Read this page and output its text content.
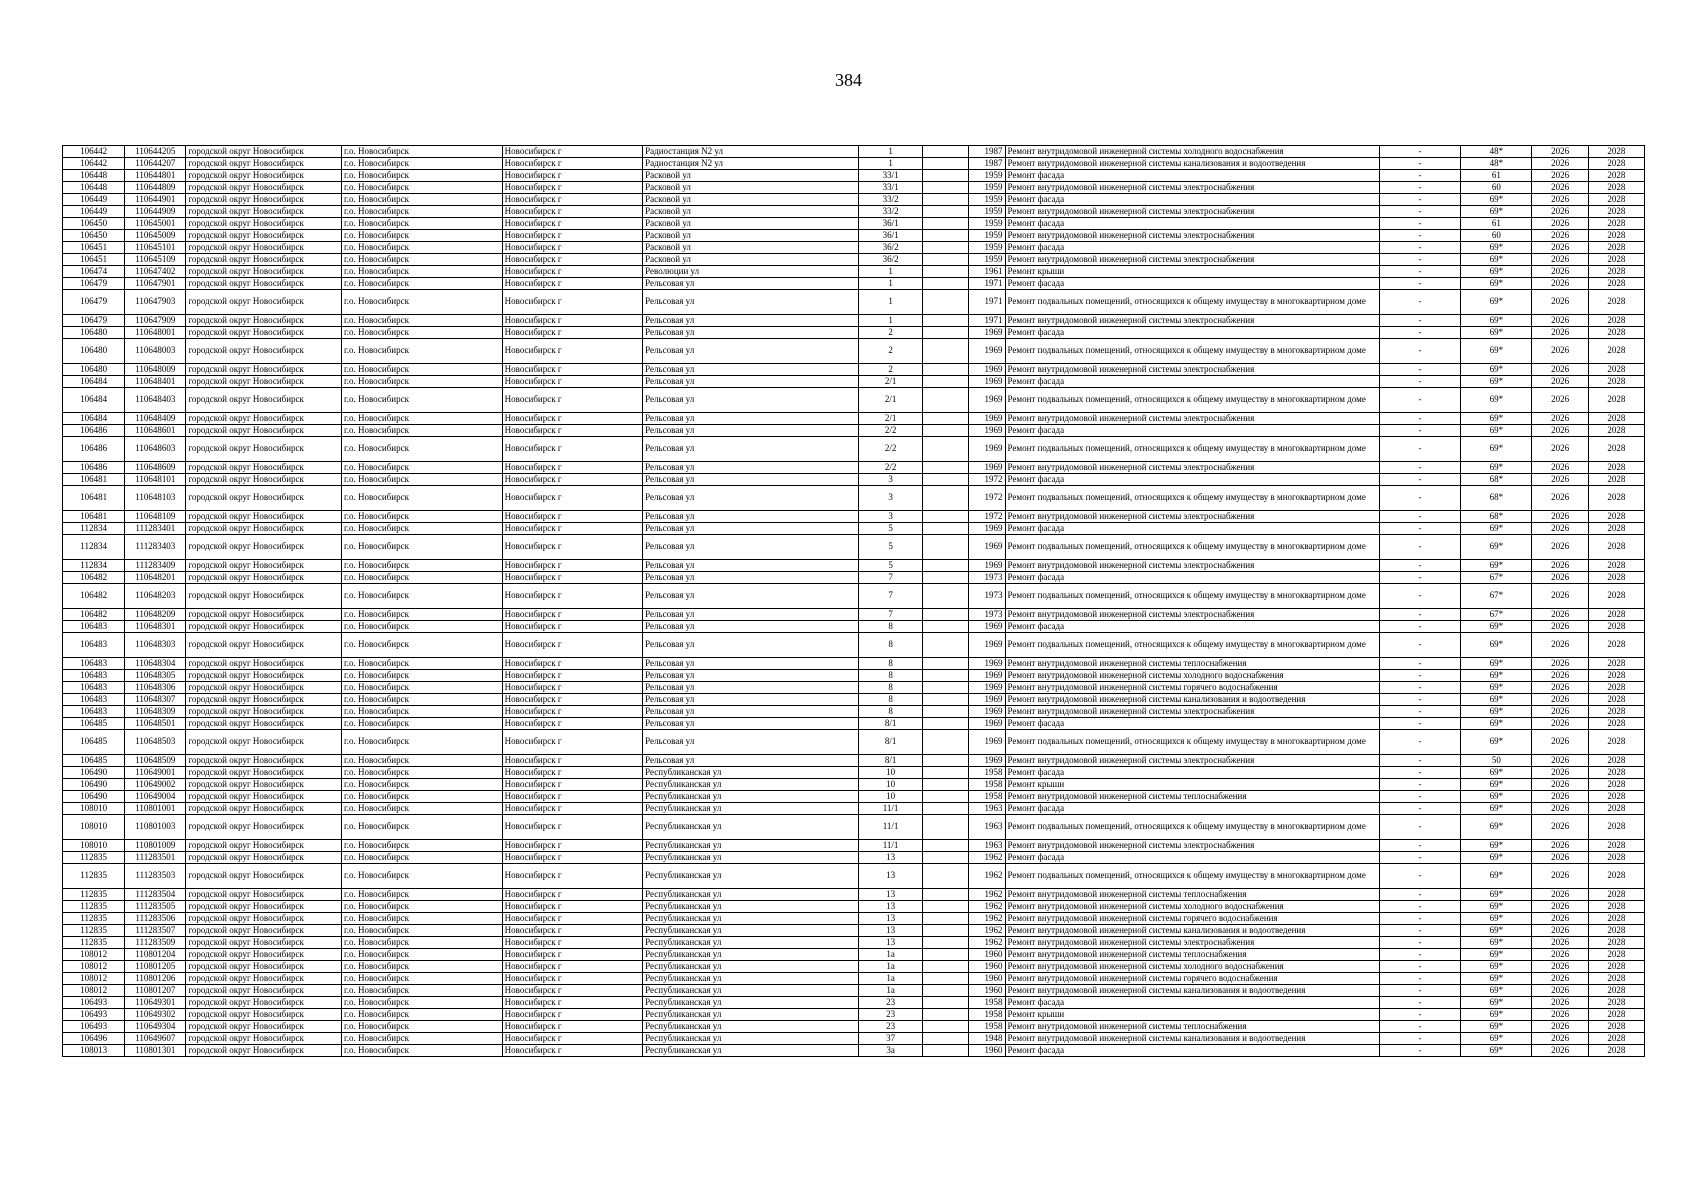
384
106442	110644205	городской округ Новосибирск	г.о. Новосибирск	Новосибирск г	Радиостанция N2 ул	1		1987	Ремонт внутридомовой инженерной системы холодного водоснабжения	-	48*	2026	2028
106442	110644207	городской округ Новосибирск	г.о. Новосибирск	Новосибирск г	Радиостанция N2 ул	1		1987	Ремонт внутридомовой инженерной системы канализования и водоотведения	-	48*	2026	2028
106448	110644801	городской округ Новосибирск	г.о. Новосибирск	Новосибирск г	Расковой ул	33/1		1959	Ремонт фасада	-	61	2026	2028
106448	110644809	городской округ Новосибирск	г.о. Новосибирск	Новосибирск г	Расковой ул	33/1		1959	Ремонт внутридомовой инженерной системы электроснабжения	-	60	2026	2028
106449	110644901	городской округ Новосибирск	г.о. Новосибирск	Новосибирск г	Расковой ул	33/2		1959	Ремонт фасада	-	69*	2026	2028
106449	110644909	городской округ Новосибирск	г.о. Новосибирск	Новосибирск г	Расковой ул	33/2		1959	Ремонт внутридомовой инженерной системы электроснабжения	-	69*	2026	2028
106450	110645001	городской округ Новосибирск	г.о. Новосибирск	Новосибирск г	Расковой ул	36/1		1959	Ремонт фасада	-	61	2026	2028
106450	110645009	городской округ Новосибирск	г.о. Новосибирск	Новосибирск г	Расковой ул	36/1		1959	Ремонт внутридомовой инженерной системы электроснабжения	-	60	2026	2028
106451	110645101	городской округ Новосибирск	г.о. Новосибирск	Новосибирск г	Расковой ул	36/2		1959	Ремонт фасада	-	69*	2026	2028
106451	110645109	городской округ Новосибирск	г.о. Новосибирск	Новосибирск г	Расковой ул	36/2		1959	Ремонт внутридомовой инженерной системы электроснабжения	-	69*	2026	2028
106474	110647402	городской округ Новосибирск	г.о. Новосибирск	Новосибирск г	Революции ул	1		1961	Ремонт крыши	-	69*	2026	2028
106479	110647901	городской округ Новосибирск	г.о. Новосибирск	Новосибирск г	Рельсовая ул	1		1971	Ремонт фасада	-	69*	2026	2028
106479	110647903	городской округ Новосибирск	г.о. Новосибирск	Новосибирск г	Рельсовая ул	1		1971	Ремонт подвальных помещений, относящихся к общему имуществу в многоквартирном доме	-	69*	2026	2028
106479	110647909	городской округ Новосибирск	г.о. Новосибирск	Новосибирск г	Рельсовая ул	1		1971	Ремонт внутридомовой инженерной системы электроснабжения	-	69*	2026	2028
106480	110648001	городской округ Новосибирск	г.о. Новосибирск	Новосибирск г	Рельсовая ул	2		1969	Ремонт фасада	-	69*	2026	2028
106480	110648003	городской округ Новосибирск	г.о. Новосибирск	Новосибирск г	Рельсовая ул	2		1969	Ремонт подвальных помещений, относящихся к общему имуществу в многоквартирном доме	-	69*	2026	2028
106480	110648009	городской округ Новосибирск	г.о. Новосибирск	Новосибирск г	Рельсовая ул	2		1969	Ремонт внутридомовой инженерной системы электроснабжения	-	69*	2026	2028
106484	110648401	городской округ Новосибирск	г.о. Новосибирск	Новосибирск г	Рельсовая ул	2/1		1969	Ремонт фасада	-	69*	2026	2028
106484	110648403	городской округ Новосибирск	г.о. Новосибирск	Новосибирск г	Рельсовая ул	2/1		1969	Ремонт подвальных помещений, относящихся к общему имуществу в многоквартирном доме	-	69*	2026	2028
106484	110648409	городской округ Новосибирск	г.о. Новосибирск	Новосибирск г	Рельсовая ул	2/1		1969	Ремонт внутридомовой инженерной системы электроснабжения	-	69*	2026	2028
106486	110648601	городской округ Новосибирск	г.о. Новосибирск	Новосибирск г	Рельсовая ул	2/2		1969	Ремонт фасада	-	69*	2026	2028
106486	110648603	городской округ Новосибирск	г.о. Новосибирск	Новосибирск г	Рельсовая ул	2/2		1969	Ремонт подвальных помещений, относящихся к общему имуществу в многоквартирном доме	-	69*	2026	2028
106486	110648609	городской округ Новосибирск	г.о. Новосибирск	Новосибирск г	Рельсовая ул	2/2		1969	Ремонт внутридомовой инженерной системы электроснабжения	-	69*	2026	2028
106481	110648101	городской округ Новосибирск	г.о. Новосибирск	Новосибирск г	Рельсовая ул	3		1972	Ремонт фасада	-	68*	2026	2028
106481	110648103	городской округ Новосибирск	г.о. Новосибирск	Новосибирск г	Рельсовая ул	3		1972	Ремонт подвальных помещений, относящихся к общему имуществу в многоквартирном доме	-	68*	2026	2028
106481	110648109	городской округ Новосибирск	г.о. Новосибирск	Новосибирск г	Рельсовая ул	3		1972	Ремонт внутридомовой инженерной системы электроснабжения	-	68*	2026	2028
112834	111283401	городской округ Новосибирск	г.о. Новосибирск	Новосибирск г	Рельсовая ул	5		1969	Ремонт фасада	-	69*	2026	2028
112834	111283403	городской округ Новосибирск	г.о. Новосибирск	Новосибирск г	Рельсовая ул	5		1969	Ремонт подвальных помещений, относящихся к общему имуществу в многоквартирном доме	-	69*	2026	2028
112834	111283409	городской округ Новосибирск	г.о. Новосибирск	Новосибирск г	Рельсовая ул	5		1969	Ремонт внутридомовой инженерной системы электроснабжения	-	69*	2026	2028
106482	110648201	городской округ Новосибирск	г.о. Новосибирск	Новосибирск г	Рельсовая ул	7		1973	Ремонт фасада	-	67*	2026	2028
106482	110648203	городской округ Новосибирск	г.о. Новосибирск	Новосибирск г	Рельсовая ул	7		1973	Ремонт подвальных помещений, относящихся к общему имуществу в многоквартирном доме	-	67*	2026	2028
106482	110648209	городской округ Новосибирск	г.о. Новосибирск	Новосибирск г	Рельсовая ул	7		1973	Ремонт внутридомовой инженерной системы электроснабжения	-	67*	2026	2028
106483	110648301	городской округ Новосибирск	г.о. Новосибирск	Новосибирск г	Рельсовая ул	8		1969	Ремонт фасада	-	69*	2026	2028
106483	110648303	городской округ Новосибирск	г.о. Новосибирск	Новосибирск г	Рельсовая ул	8		1969	Ремонт подвальных помещений, относящихся к общему имуществу в многоквартирном доме	-	69*	2026	2028
106483	110648304	городской округ Новосибирск	г.о. Новосибирск	Новосибирск г	Рельсовая ул	8		1969	Ремонт внутридомовой инженерной системы теплоснабжения	-	69*	2026	2028
106483	110648305	городской округ Новосибирск	г.о. Новосибирск	Новосибирск г	Рельсовая ул	8		1969	Ремонт внутридомовой инженерной системы холодного водоснабжения	-	69*	2026	2028
106483	110648306	городской округ Новосибирск	г.о. Новосибирск	Новосибирск г	Рельсовая ул	8		1969	Ремонт внутридомовой инженерной системы горячего водоснабжения	-	69*	2026	2028
106483	110648307	городской округ Новосибирск	г.о. Новосибирск	Новосибирск г	Рельсовая ул	8		1969	Ремонт внутридомовой инженерной системы канализования и водоотведения	-	69*	2026	2028
106483	110648309	городской округ Новосибирск	г.о. Новосибирск	Новосибирск г	Рельсовая ул	8		1969	Ремонт внутридомовой инженерной системы электроснабжения	-	69*	2026	2028
106485	110648501	городской округ Новосибирск	г.о. Новосибирск	Новосибирск г	Рельсовая ул	8/1		1969	Ремонт фасада	-	69*	2026	2028
106485	110648503	городской округ Новосибирск	г.о. Новосибирск	Новосибирск г	Рельсовая ул	8/1		1969	Ремонт подвальных помещений, относящихся к общему имуществу в многоквартирном доме	-	69*	2026	2028
106485	110648509	городской округ Новосибирск	г.о. Новосибирск	Новосибирск г	Рельсовая ул	8/1		1969	Ремонт внутридомовой инженерной системы электроснабжения	-	50	2026	2028
106490	110649001	городской округ Новосибирск	г.о. Новосибирск	Новосибирск г	Республиканская ул	10		1958	Ремонт фасада	-	69*	2026	2028
106490	110649002	городской округ Новосибирск	г.о. Новосибирск	Новосибирск г	Республиканская ул	10		1958	Ремонт крыши	-	69*	2026	2028
106490	110649004	городской округ Новосибирск	г.о. Новосибирск	Новосибирск г	Республиканская ул	10		1958	Ремонт внутридомовой инженерной системы теплоснабжения	-	69*	2026	2028
108010	110801001	городской округ Новосибирск	г.о. Новосибирск	Новосибирск г	Республиканская ул	11/1		1963	Ремонт фасада	-	69*	2026	2028
108010	110801003	городской округ Новосибирск	г.о. Новосибирск	Новосибирск г	Республиканская ул	11/1		1963	Ремонт подвальных помещений, относящихся к общему имуществу в многоквартирном доме	-	69*	2026	2028
108010	110801009	городской округ Новосибирск	г.о. Новосибирск	Новосибирск г	Республиканская ул	11/1		1963	Ремонт внутридомовой инженерной системы электроснабжения	-	69*	2026	2028
112835	111283501	городской округ Новосибирск	г.о. Новосибирск	Новосибирск г	Республиканская ул	13		1962	Ремонт фасада	-	69*	2026	2028
112835	111283503	городской округ Новосибирск	г.о. Новосибирск	Новосибирск г	Республиканская ул	13		1962	Ремонт подвальных помещений, относящихся к общему имуществу в многоквартирном доме	-	69*	2026	2028
112835	111283504	городской округ Новосибирск	г.о. Новосибирск	Новосибирск г	Республиканская ул	13		1962	Ремонт внутридомовой инженерной системы теплоснабжения	-	69*	2026	2028
112835	111283505	городской округ Новосибирск	г.о. Новосибирск	Новосибирск г	Республиканская ул	13		1962	Ремонт внутридомовой инженерной системы холодного водоснабжения	-	69*	2026	2028
112835	111283506	городской округ Новосибирск	г.о. Новосибирск	Новосибирск г	Республиканская ул	13		1962	Ремонт внутридомовой инженерной системы горячего водоснабжения	-	69*	2026	2028
112835	111283507	городской округ Новосибирск	г.о. Новосибирск	Новосибирск г	Республиканская ул	13		1962	Ремонт внутридомовой инженерной системы канализования и водоотведения	-	69*	2026	2028
112835	111283509	городской округ Новосибирск	г.о. Новосибирск	Новосибирск г	Республиканская ул	13		1962	Ремонт внутридомовой инженерной системы электроснабжения	-	69*	2026	2028
108012	110801204	городской округ Новосибирск	г.о. Новосибирск	Новосибирск г	Республиканская ул	1а		1960	Ремонт внутридомовой инженерной системы теплоснабжения	-	69*	2026	2028
108012	110801205	городской округ Новосибирск	г.о. Новосибирск	Новосибирск г	Республиканская ул	1а		1960	Ремонт внутридомовой инженерной системы холодного водоснабжения	-	69*	2026	2028
108012	110801206	городской округ Новосибирск	г.о. Новосибирск	Новосибирск г	Республиканская ул	1а		1960	Ремонт внутридомовой инженерной системы горячего водоснабжения	-	69*	2026	2028
108012	110801207	городской округ Новосибирск	г.о. Новосибирск	Новосибирск г	Республиканская ул	1а		1960	Ремонт внутридомовой инженерной системы канализования и водоотведения	-	69*	2026	2028
106493	110649301	городской округ Новосибирск	г.о. Новосибирск	Новосибирск г	Республиканская ул	23		1958	Ремонт фасада	-	69*	2026	2028
106493	110649302	городской округ Новосибирск	г.о. Новосибирск	Новосибирск г	Республиканская ул	23		1958	Ремонт крыши	-	69*	2026	2028
106493	110649304	городской округ Новосибирск	г.о. Новосибирск	Новосибирск г	Республиканская ул	23		1958	Ремонт внутридомовой инженерной системы теплоснабжения	-	69*	2026	2028
106496	110649607	городской округ Новосибирск	г.о. Новосибирск	Новосибирск г	Республиканская ул	37		1948	Ремонт внутридомовой инженерной системы канализования и водоотведения	-	69*	2026	2028
108013	110801301	городской округ Новосибирск	г.о. Новосибирск	Новосибирск г	Республиканская ул	3а		1960	Ремонт фасада	-	69*	2026	2028
